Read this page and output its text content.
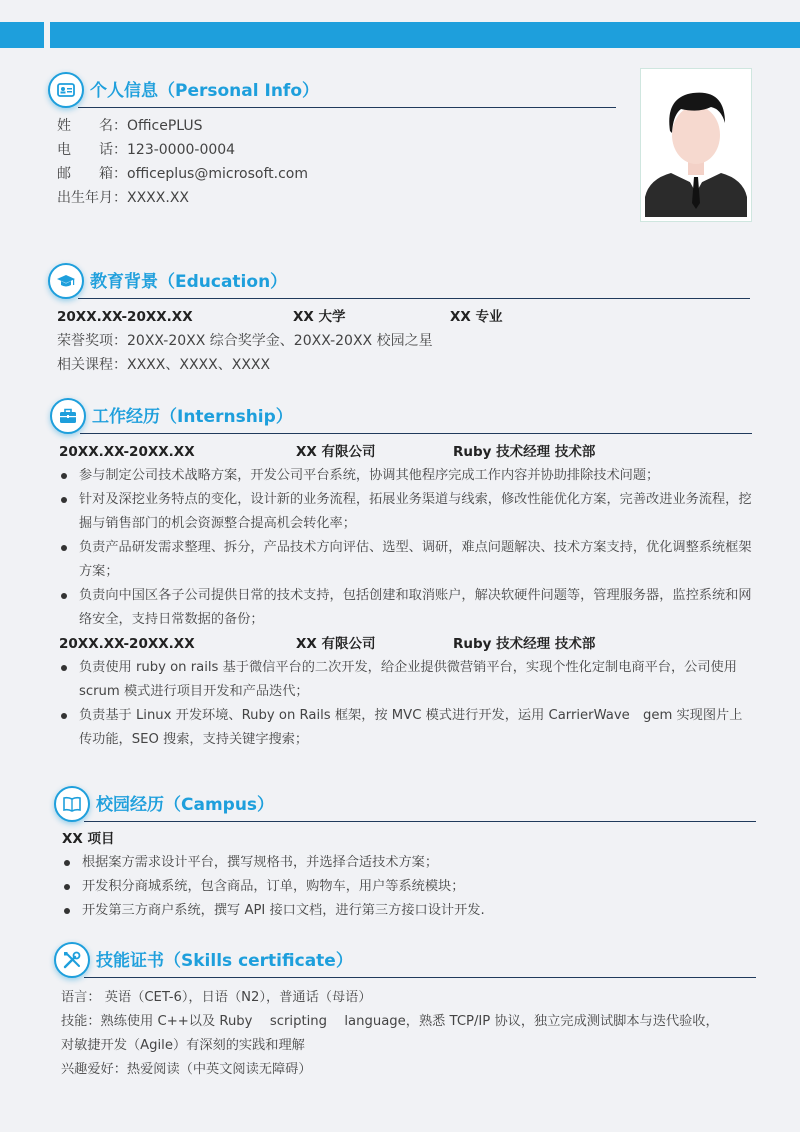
个人信息（Personal Info）
姓　　名：OfficePLUS
电　　话：123-0000-0004
邮　　箱：officeplus@microsoft.com
出生年月：XXXX.XX
教育背景（Education）
20XX.XX-20XX.XX	XX 大学	XX 专业
荣誉奖项：20XX-20XX 综合奖学金、20XX-20XX 校园之星
相关课程：XXXX、XXXX、XXXX
工作经历（Internship）
20XX.XX-20XX.XX	XX 有限公司	Ruby 技术经理 技术部
参与制定公司技术战略方案，开发公司平台系统，协调其他程序完成工作内容并协助排除技术问题；
针对及深挖业务特点的变化，设计新的业务流程，拓展业务渠道与线索，修改性能优化方案，完善改进业务流程，挖掘与销售部门的机会资源整合提高机会转化率；
负责产品研发需求整理、拆分，产品技术方向评估、选型、调研，难点问题解决、技术方案支持，优化调整系统框架方案；
负责向中国区各子公司提供日常的技术支持，包括创建和取消账户，解决软硬件问题等，管理服务器，监控系统和网络安全，支持日常数据的备份；
20XX.XX-20XX.XX	XX 有限公司	Ruby 技术经理 技术部
负责使用 ruby on rails 基于微信平台的二次开发，给企业提供微营销平台，实现个性化定制电商平台，公司使用 scrum 模式进行项目开发和产品迭代；
负责基于 Linux 开发环境、Ruby on Rails 框架，按 MVC 模式进行开发，运用 CarrierWave　gem 实现图片上传功能，SEO 搜索，支持关键字搜索；
校园经历（Campus）
XX 项目
根据案方需求设计平台，撰写规格书，并选择合适技术方案；
开发积分商城系统，包含商品，订单，购物车，用户等系统模块；
开发第三方商户系统，撰写 API 接口文档，进行第三方接口设计开发.
技能证书（Skills certificate）
语言： 英语（CET-6），日语（N2），普通话（母语）
技能：熟练使用 C++以及 Ruby　 scripting　 language，熟悉 TCP/IP 协议，独立完成测试脚本与迭代验收，
对敏捷开发（Agile）有深刻的实践和理解
兴趣爱好：热爱阅读（中英文阅读无障碍）
